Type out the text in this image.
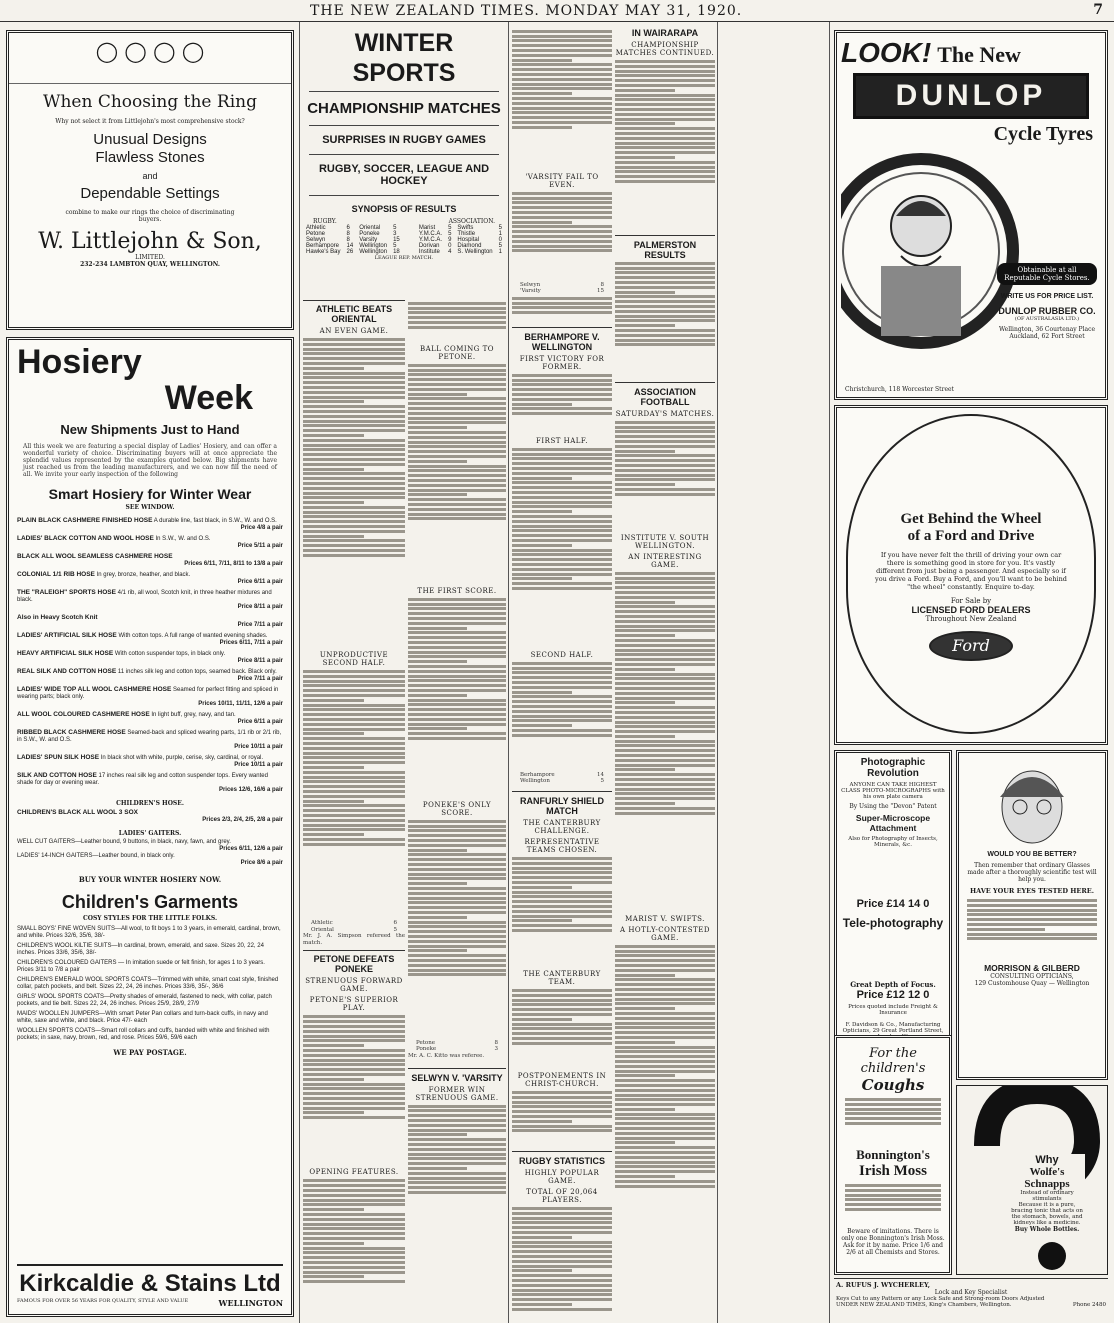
THE NEW ZEALAND TIMES. MONDAY MAY 31, 1920.	7
◯ ◯ ◯ ◯
When Choosing the Ring
Why not select it from Littlejohn's most comprehensive stock?
Unusual Designs
Flawless Stones
and
Dependable Settings
combine to make our rings the choice of discriminating buyers.
W. Littlejohn & Son,
LIMITED.
232-234 LAMBTON QUAY, WELLINGTON.
Hosiery
Week
New Shipments Just to Hand
All this week we are featuring a special display of Ladies' Hosiery, and can offer a wonderful variety of choice. Discriminating buyers will at once appreciate the splendid values represented by the examples quoted below. Big shipments have just reached us from the leading manufacturers, and we can now fill the need of all. We invite your early inspection of the following
Smart Hosiery for Winter Wear
SEE WINDOW.
PLAIN BLACK CASHMERE FINISHED HOSE A durable line, fast black, in S.W., W. and O.S.
Price 4/8 a pair
LADIES' BLACK COTTON AND WOOL HOSE In S.W., W. and O.S.
Price 5/11 a pair
BLACK ALL WOOL SEAMLESS CASHMERE HOSE
Prices 6/11, 7/11, 8/11 to 13/8 a pair
COLONIAL 1/1 RIB HOSE In grey, bronze, heather, and black.
Price 6/11 a pair
THE "RALEIGH" SPORTS HOSE 4/1 rib, all wool, Scotch knit, in three heather mixtures and black.
Price 8/11 a pair
Also in Heavy Scotch Knit
Price 7/11 a pair
LADIES' ARTIFICIAL SILK HOSE With cotton tops. A full range of wanted evening shades.
Prices 6/11, 7/11 a pair
HEAVY ARTIFICIAL SILK HOSE With cotton suspender tops, in black only.
Price 8/11 a pair
REAL SILK AND COTTON HOSE 11 inches silk leg and cotton tops, seamed back. Black only.
Price 7/11 a pair
LADIES' WIDE TOP ALL WOOL CASHMERE HOSE Seamed for perfect fitting and spliced in wearing parts; black only.
Prices 10/11, 11/11, 12/6 a pair
ALL WOOL COLOURED CASHMERE HOSE In light buff, grey, navy, and tan.
Price 6/11 a pair
RIBBED BLACK CASHMERE HOSE Seamed-back and spliced wearing parts, 1/1 rib or 2/1 rib, in S.W., W. and O.S.
Price 10/11 a pair
LADIES' SPUN SILK HOSE In black shot with white, purple, cerise, sky, cardinal, or royal.
Price 10/11 a pair
SILK AND COTTON HOSE 17 inches real silk leg and cotton suspender tops. Every wanted shade for day or evening wear.
Prices 12/6, 16/6 a pair
CHILDREN'S HOSE.
CHILDREN'S BLACK ALL WOOL 3 SOX
Prices 2/3, 2/4, 2/5, 2/8 a pair
LADIES' GAITERS.
WELL CUT GAITERS—Leather bound, 9 buttons, in black, navy, fawn, and grey.
Prices 6/11, 12/6 a pair
LADIES' 14-INCH GAITERS—Leather bound, in black only.
Price 8/6 a pair
BUY YOUR WINTER HOSIERY NOW.
Children's Garments
COSY STYLES FOR THE LITTLE FOLKS.
SMALL BOYS' FINE WOVEN SUITS—All wool, to fit boys 1 to 3 years, in emerald, cardinal, brown, and white. Prices 32/6, 35/6, 38/-
CHILDREN'S WOOL KILTIE SUITS—In cardinal, brown, emerald, and saxe. Sizes 20, 22, 24 inches. Prices 33/6, 35/6, 38/-
CHILDREN'S COLOURED GAITERS — In imitation suede or felt finish, for ages 1 to 3 years. Prices 3/11 to 7/8 a pair
CHILDREN'S EMERALD WOOL SPORTS COATS—Trimmed with white, smart coat style, finished collar, patch pockets, and belt. Sizes 22, 24, 26 inches. Prices 33/6, 35/-, 36/6
GIRLS' WOOL SPORTS COATS—Pretty shades of emerald, fastened to neck, with collar, patch pockets, and tie belt. Sizes 22, 24, 26 inches. Prices 25/9, 28/9, 27/9
MAIDS' WOOLLEN JUMPERS—With smart Peter Pan collars and turn-back cuffs, in navy and white, saxe and white, and black. Price 47/- each
WOOLLEN SPORTS COATS—Smart roll collars and cuffs, banded with white and finished with pockets; in saxe, navy, brown, red, and rose. Prices 59/6, 59/6 each
WE PAY POSTAGE.
Kirkcaldie & Stains Ltd
FAMOUS FOR OVER 56 YEARS FOR QUALITY, STYLE AND VALUE	WELLINGTON
WINTER SPORTS
CHAMPIONSHIP MATCHES
SURPRISES IN RUGBY GAMES
RUGBY, SOCCER, LEAGUE AND HOCKEY
SYNOPSIS OF RESULTS
RUGBY.	ASSOCIATION.
Athletic	6	Oriental	5
Petone	8	Poneke	3
Selwyn	8	Varsity	15
Berhampore	14	Wellington	5
Hawke's Bay	26	Wellington	18
Marist	5	Swifts	5
Y.M.C.A.	5	Thistle	1
Y.M.C.A.	9	Hospital	0
Dorivan	0	Diamond	5
Institute	4	S. Wellington	1
LEAGUE REP. MATCH.
ATHLETIC BEATS ORIENTAL
AN EVEN GAME.
UNPRODUCTIVE SECOND HALF.
Athletic	6
Oriental	5
Mr. J. A. Simpson refereed the match.
PETONE DEFEATS PONEKE
STRENUOUS FORWARD GAME.
PETONE'S SUPERIOR PLAY.
OPENING FEATURES.
BALL COMING TO PETONE.
THE FIRST SCORE.
PONEKE'S ONLY SCORE.
Petone	8
Poneke	3
Mr. A. C. Kitto was referee.
SELWYN V. 'VARSITY
FORMER WIN STRENUOUS GAME.
'VARSITY FAIL TO EVEN.
Selwyn	8
'Varsity	15
BERHAMPORE V. WELLINGTON
FIRST VICTORY FOR FORMER.
FIRST HALF.
SECOND HALF.
Berhampore	14
Wellington	5
RANFURLY SHIELD MATCH
THE CANTERBURY CHALLENGE.
REPRESENTATIVE TEAMS CHOSEN.
THE CANTERBURY TEAM.
POSTPONEMENTS IN CHRIST-CHURCH.
RUGBY STATISTICS
HIGHLY POPULAR GAME.
TOTAL OF 20,064 PLAYERS.
IN WAIRARAPA
CHAMPIONSHIP MATCHES CONTINUED.
PALMERSTON RESULTS
ASSOCIATION FOOTBALL
SATURDAY'S MATCHES.
INSTITUTE V. SOUTH WELLINGTON.
AN INTERESTING GAME.
MARIST V. SWIFTS.
A HOTLY-CONTESTED GAME.
LOOK! The New
DUNLOP
Cycle Tyres
Obtainable at all Reputable Cycle Stores.
WRITE US FOR PRICE LIST.
DUNLOP RUBBER CO.
(OF AUSTRALASIA LTD.)
Wellington, 36 Courtenay Place
Auckland, 62 Fort Street
Christchurch, 118 Worcester Street
Get Behind the Wheel
of a Ford and Drive
If you have never felt the thrill of driving your own car there is something good in store for you. It's vastly different from just being a passenger. And especially so if you drive a Ford. Buy a Ford, and you'll want to be behind "the wheel" constantly. Enquire to-day.
For Sale by
LICENSED FORD DEALERS
Throughout New Zealand
Ford
Photographic Revolution
ANYONE CAN TAKE HIGHEST CLASS PHOTO-MICROGRAPHS with his own plate camera
By Using the "Devon" Patent
Super-Microscope Attachment
Also for Photography of Insects, Minerals, &c.
Price £14 14 0
Tele-photography
Great Depth of Focus.
Price £12 12 0
Prices quoted include Freight & Insurance
F. Davidson & Co., Manufacturing Opticians, 29 Great Portland Street,
WOULD YOU BE BETTER?
Then remember that ordinary Glasses made after a thoroughly scientific test will help you.
HAVE YOUR EYES TESTED HERE.
MORRISON & GILBERD
CONSULTING OPTICIANS,
129 Customhouse Quay — Wellington
For the
children's
Coughs
Bonnington's
Irish Moss
Beware of imitations. There is only one Bonnington's Irish Moss. Ask for it by name. Price 1/6 and 2/6 at all Chemists and Stores.
Why
Wolfe's
Schnapps
Instead of ordinary stimulants
Because it is a pure, bracing tonic that acts on the stomach, bowels, and kidneys like a medicine.
Buy Whole Bottles.
A. RUFUS J. WYCHERLEY,
Lock and Key Specialist
Keys Cut to any Pattern or any Lock Safe and Strong-room Doors Adjusted
UNDER NEW ZEALAND TIMES, King's Chambers, Wellington.	Phone 2480
